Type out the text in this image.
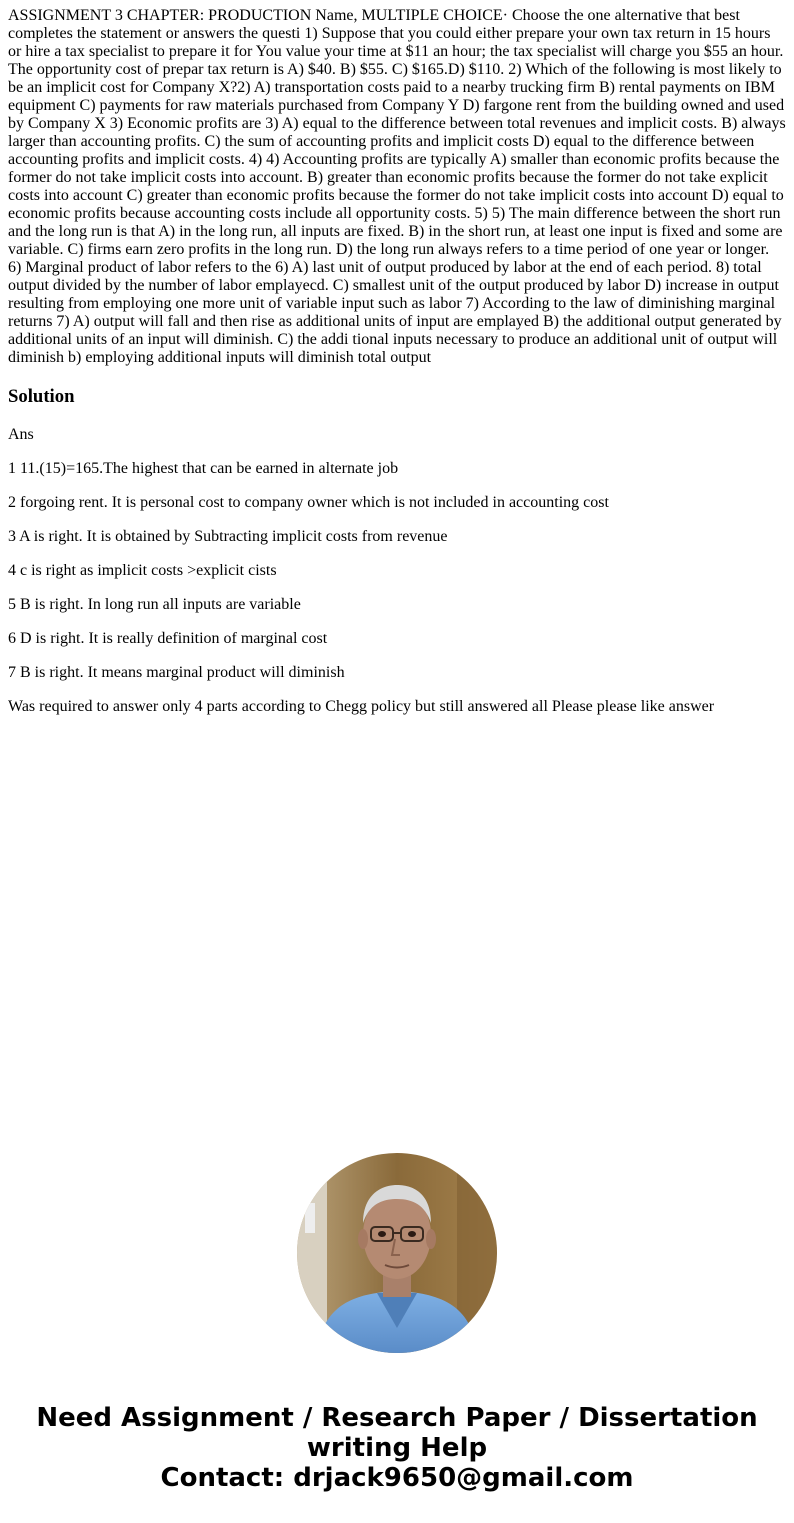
ASSIGNMENT 3 CHAPTER: PRODUCTION Name, MULTIPLE CHOICE· Choose the one alternative that best completes the statement or answers the questi 1) Suppose that you could either prepare your own tax return in 15 hours or hire a tax specialist to prepare it for You value your time at $11 an hour; the tax specialist will charge you $55 an hour. The opportunity cost of prepar tax return is A) $40. B) $55. C) $165.D) $110. 2) Which of the following is most likely to be an implicit cost for Company X?2) A) transportation costs paid to a nearby trucking firm B) rental payments on IBM equipment C) payments for raw materials purchased from Company Y D) fargone rent from the building owned and used by Company X 3) Economic profits are 3) A) equal to the difference between total revenues and implicit costs. B) always larger than accounting profits. C) the sum of accounting profits and implicit costs D) equal to the difference between accounting profits and implicit costs. 4) 4) Accounting profits are typically A) smaller than economic profits because the former do not take implicit costs into account. B) greater than economic profits because the former do not take explicit costs into account C) greater than economic profits because the former do not take implicit costs into account D) equal to economic profits because accounting costs include all opportunity costs. 5) 5) The main difference between the short run and the long run is that A) in the long run, all inputs are fixed. B) in the short run, at least one input is fixed and some are variable. C) firms earn zero profits in the long run. D) the long run always refers to a time period of one year or longer. 6) Marginal product of labor refers to the 6) A) last unit of output produced by labor at the end of each period. 8) total output divided by the number of labor emplayecd. C) smallest unit of the output produced by labor D) increase in output resulting from employing one more unit of variable input such as labor 7) According to the law of diminishing marginal returns 7) A) output will fall and then rise as additional units of input are emplayed B) the additional output generated by additional units of an input will diminish. C) the addi tional inputs necessary to produce an additional unit of output will diminish b) employing additional inputs will diminish total output

Solution
Ans
1 11.(15)=165.The highest that can be earned in alternate job
2 forgoing rent. It is personal cost to company owner which is not included in accounting cost
3 A is right. It is obtained by Subtracting implicit costs from revenue
4 c is right as implicit costs >explicit cists
5 B is right. In long run all inputs are variable
6 D is right. It is really definition of marginal cost
7 B is right. It means marginal product will diminish
Was required to answer only 4 parts according to Chegg policy but still answered all Please please like answer

Need Assignment / Research Paper / Dissertation
writing Help
Contact: drjack9650@gmail.com
